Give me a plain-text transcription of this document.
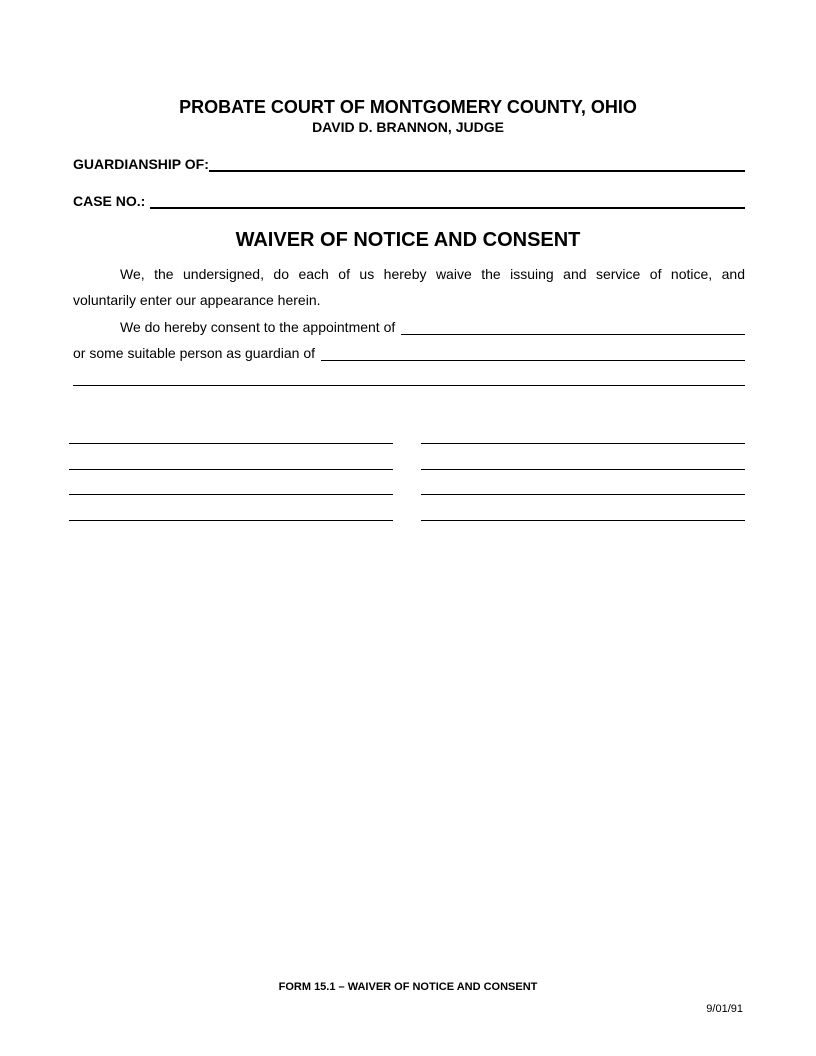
PROBATE COURT OF MONTGOMERY COUNTY, OHIO
DAVID D. BRANNON, JUDGE
GUARDIANSHIP OF:
CASE NO.:
WAIVER OF NOTICE AND CONSENT
We, the undersigned, do each of us hereby waive the issuing and service of notice, and
voluntarily enter our appearance herein.
We do hereby consent to the appointment of
or some suitable person as guardian of
FORM 15.1 – WAIVER OF NOTICE AND CONSENT
9/01/91
